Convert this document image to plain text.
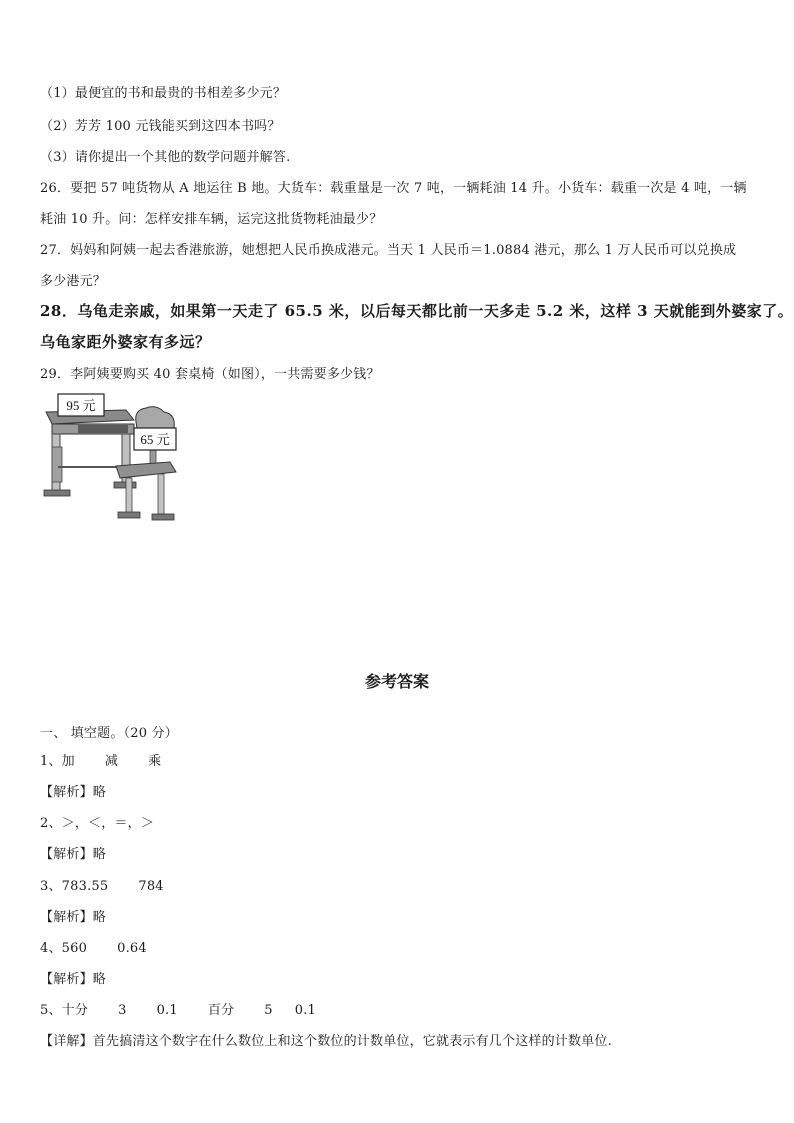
（1）最便宜的书和最贵的书相差多少元？
（2）芳芳 100 元钱能买到这四本书吗？
（3）请你提出一个其他的数学问题并解答.
26．要把 57 吨货物从 A 地运往 B 地。大货车：载重量是一次 7 吨，一辆耗油 14 升。小货车：载重一次是 4 吨，一辆
耗油 10 升。问：怎样安排车辆，运完这批货物耗油最少？
27．妈妈和阿姨一起去香港旅游，她想把人民币换成港元。当天 1 人民币＝1.0884 港元，那么 1 万人民币可以兑换成
多少港元？
28．乌龟走亲戚，如果第一天走了 65.5 米，以后每天都比前一天多走 5.2 米，这样 3 天就能到外婆家了。
乌龟家距外婆家有多远？
29．李阿姨要购买 40 套桌椅（如图），一共需要多少钱？
95 元
65 元
参考答案
一、 填空题。（20 分）
1、加 减 乘
【解析】略
2、＞，＜，＝，＞
【解析】略
3、783.55 784
【解析】略
4、560 0.64
【解析】略
5、十分 3 0.1 百分 5 0.1
【详解】首先搞清这个数字在什么数位上和这个数位的计数单位，它就表示有几个这样的计数单位.
